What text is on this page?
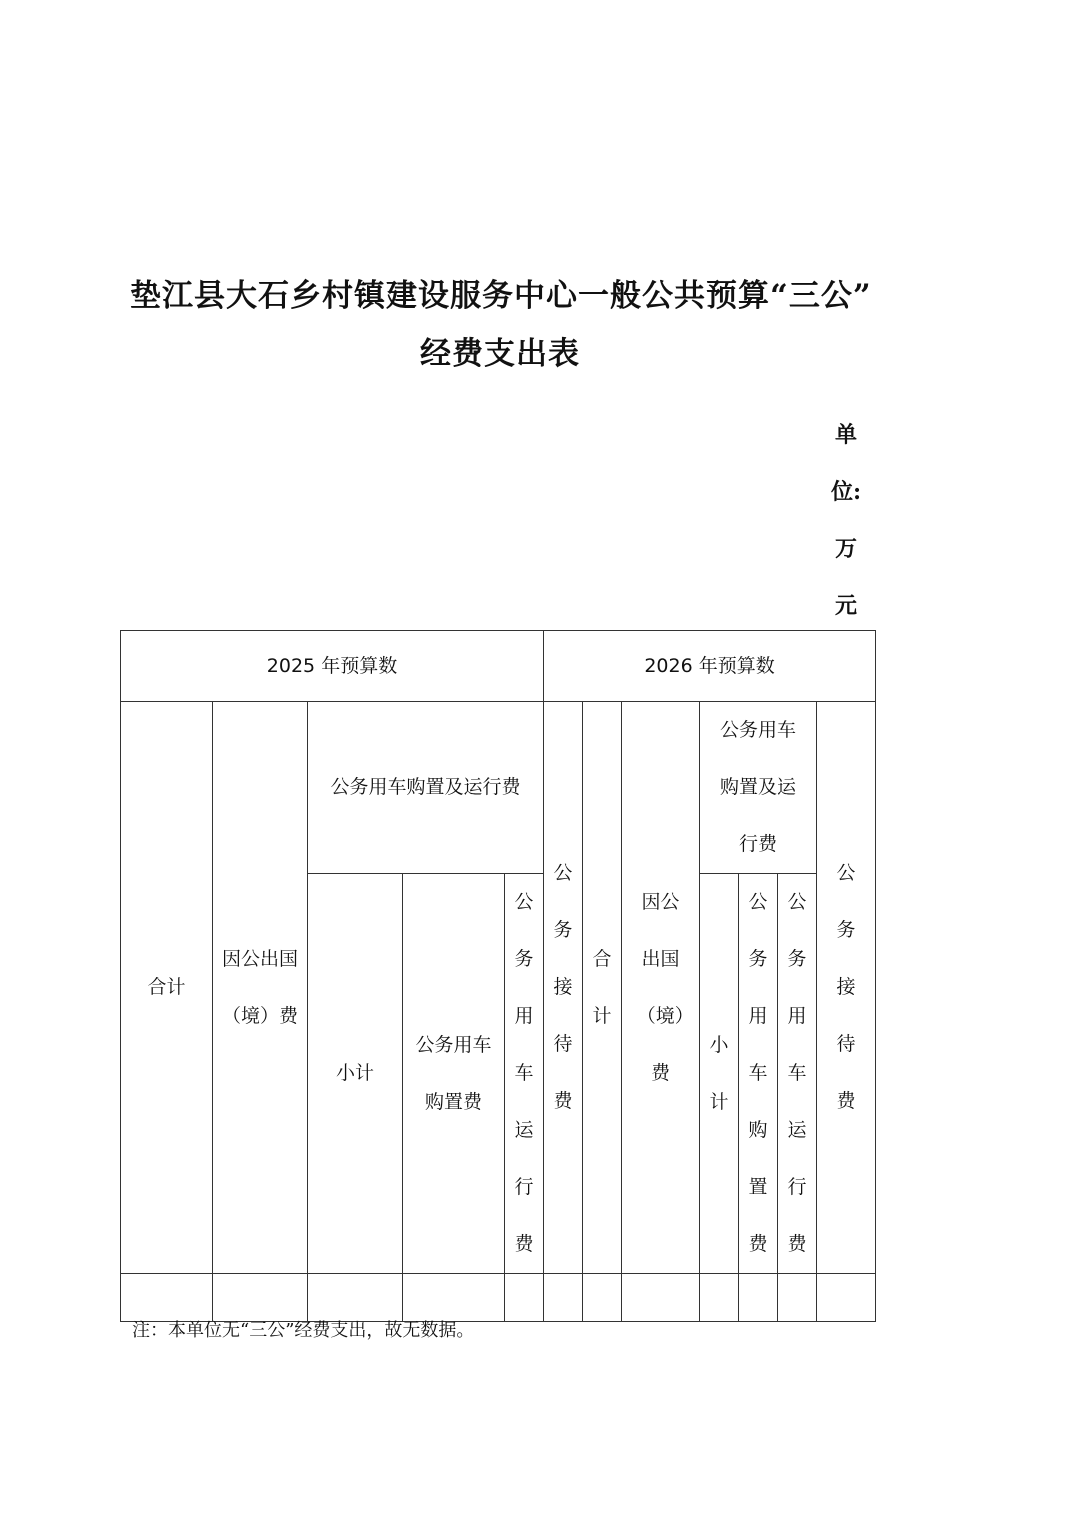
垫江县大石乡村镇建设服务中心一般公共预算“三公”
经费支出表
单
位:
万
元
2025 年预算数					2026 年预算数						
合计	因公出国（境）费	公务用车购置及运行费			公务接待费	合计	因公出国（境）费	公务用车购置及运行费			公务接待费
		小计	公务用车购置费	公务用车运行费				小计	公务用车购置费	公务用车运行费	

注：本单位无“三公”经费支出，故无数据。
